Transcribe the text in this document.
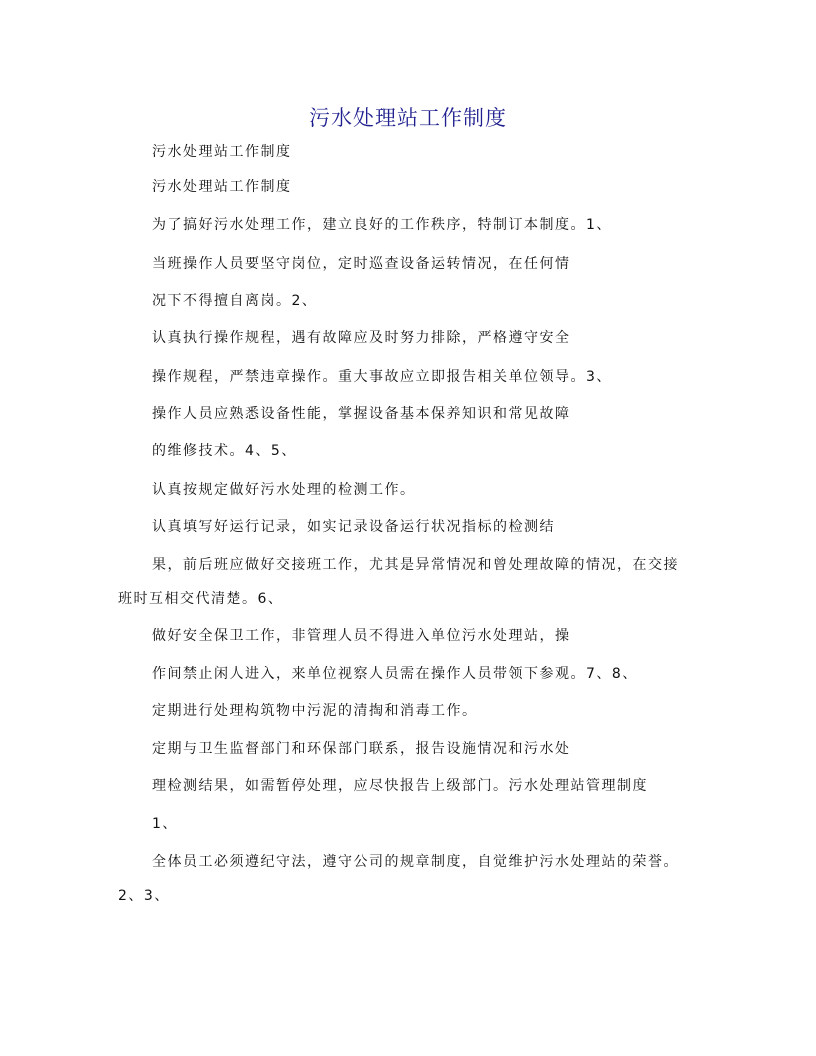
污水处理站工作制度
污水处理站工作制度
污水处理站工作制度
为了搞好污水处理工作，建立良好的工作秩序，特制订本制度。1、
当班操作人员要坚守岗位，定时巡查设备运转情况，在任何情
况下不得擅自离岗。2、
认真执行操作规程，遇有故障应及时努力排除，严格遵守安全
操作规程，严禁违章操作。重大事故应立即报告相关单位领导。3、
操作人员应熟悉设备性能，掌握设备基本保养知识和常见故障
的维修技术。4、5、
认真按规定做好污水处理的检测工作。
认真填写好运行记录，如实记录设备运行状况指标的检测结
果，前后班应做好交接班工作，尤其是异常情况和曾处理故障的情况，在交接
班时互相交代清楚。6、
做好安全保卫工作，非管理人员不得进入单位污水处理站，操
作间禁止闲人进入，来单位视察人员需在操作人员带领下参观。7、8、
定期进行处理构筑物中污泥的清掏和消毒工作。
定期与卫生监督部门和环保部门联系，报告设施情况和污水处
理检测结果，如需暂停处理，应尽快报告上级部门。污水处理站管理制度
1、
全体员工必须遵纪守法，遵守公司的规章制度，自觉维护污水处理站的荣誉。
2、3、
